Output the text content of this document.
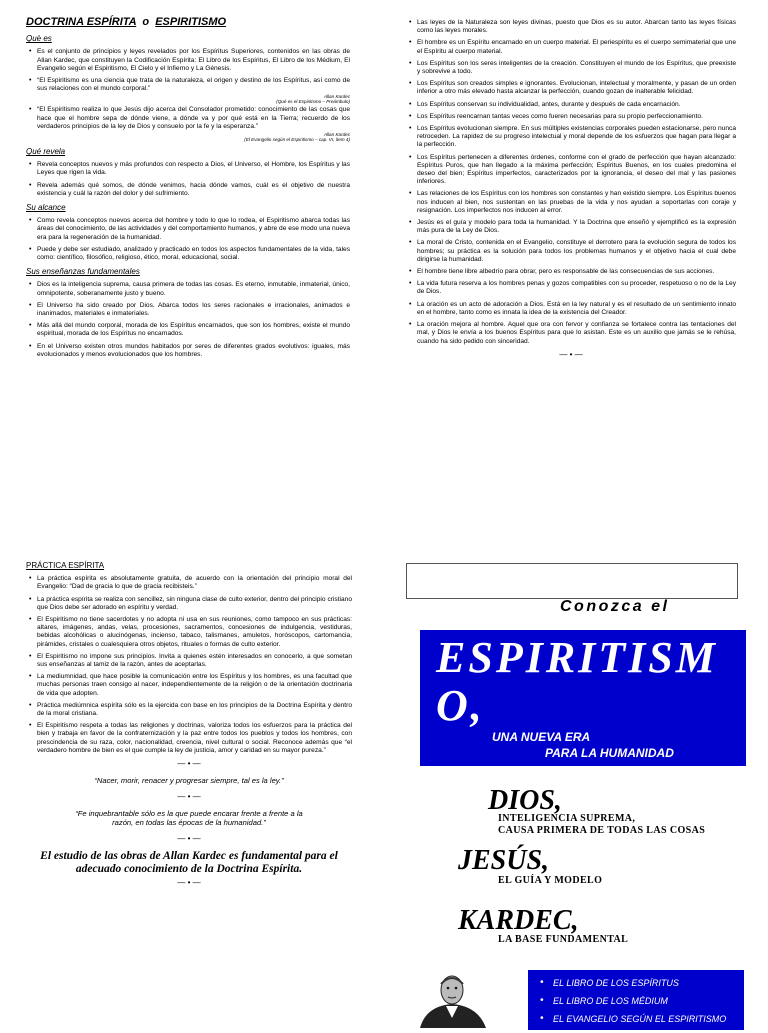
DOCTRINA ESPÍRITA o ESPIRITISMO
Què es
• Es el conjunto de principios y leyes revelados por los Espíritus Superiores, contenidos en las obras de Allan Kardec, que constituyen la Codificación Espírita: El Libro de los Espíritus, El Libro de los Médium, El Evangelio según el Espiritismo, El Cielo y el Infierno y La Génesis.
• “El Espiritismo es una ciencia que trata de la naturaleza, el origen y destino de los Espíritus, así como de sus relaciones con el mundo corporal.”
Allan Kardec
(Qué es el Espiritismo – Preámbulo)
• “El Espiritismo realiza lo que Jesús dijo acerca del Consolador prometido: conocimiento de las cosas que hace que el hombre sepa de dónde viene, a dónde va y por qué está en la Tierra; recuerdo de los verdaderos principios de la ley de Dios y consuelo por la fe y la esperanza.”
Allan Kardec
(El Evangelio según el Espiritismo – cap. VI, ítem 4)
Qué revela
• Revela conceptos nuevos y más profundos con respecto a Dios, el Universo, el Hombre, los Espíritus y las Leyes que rigen la vida.
• Revela además qué somos, de dónde venimos, hacia dónde vamos, cuál es el objetivo de nuestra existencia y cuál la razón del dolor y del sufrimiento.
Su alcance
• Como revela conceptos nuevos acerca del hombre y todo lo que lo rodea, el Espiritismo abarca todas las áreas del conocimiento, de las actividades y del comportamiento humanos, y abre de ese modo una nueva era para la regeneración de la humanidad.
• Puede y debe ser estudiado, analizado y practicado en todos los aspectos fundamentales de la vida, tales como: científico, filosófico, religioso, ético, moral, educacional, social.
Sus enseñanzas fundamentales
• Dios es la inteligencia suprema, causa primera de todas las cosas. Es eterno, inmutable, inmaterial, único, omnipotente, soberanamente justo y bueno.
• El Universo ha sido creado por Dios. Abarca todos los seres racionales e irracionales, animados e inanimados, materiales e inmateriales.
• Más allá del mundo corporal, morada de los Espíritus encarnados, que son los hombres, existe el mundo espiritual, morada de los Espíritus no encarnados.
• En el Universo existen otros mundos habitados por seres de diferentes grados evolutivos: iguales, más evolucionados y menos evolucionados que los hombres.
• Las leyes de la Naturaleza son leyes divinas, puesto que Dios es su autor. Abarcan tanto las leyes físicas como las leyes morales.
• El hombre es un Espíritu encarnado en un cuerpo material. El periespíritu es el cuerpo semimaterial que une el Espíritu al cuerpo material.
• Los Espíritus son los seres inteligentes de la creación. Constituyen el mundo de los Espíritus, que preexiste y sobrevive a todo.
• Los Espíritus son creados simples e ignorantes. Evolucionan, intelectual y moralmente, y pasan de un orden inferior a otro más elevado hasta alcanzar la perfección, cuando gozan de inalterable felicidad.
• Los Espíritus conservan su individualidad, antes, durante y después de cada encarnación.
• Los Espíritus reencarnan tantas veces como fueren necesarias para su propio perfeccionamiento.
• Los Espíritus evolucionan siempre. En sus múltiples existencias corporales pueden estacionarse, pero nunca retroceden. La rapidez de su progreso intelectual y moral depende de los esfuerzos que hagan para llegar a la perfección.
• Los Espíritus pertenecen a diferentes órdenes, conforme con el grado de perfección que hayan alcanzado: Espíritus Puros, que han llegado a la máxima perfección; Espíritus Buenos, en los cuales predomina el deseo del bien; Espíritus imperfectos, caracterizados por la ignorancia, el deseo del mal y las pasiones inferiores.
• Las relaciones de los Espíritus con los hombres son constantes y han existido siempre. Los Espíritus buenos nos inducen al bien, nos sustentan en las pruebas de la vida y nos ayudan a soportarlas con coraje y resignación. Los imperfectos nos inducen al error.
• Jesús es el guía y modelo para toda la humanidad. Y la Doctrina que enseñó y ejemplificó es la expresión más pura de la Ley de Dios.
• La moral de Cristo, contenida en el Evangelio, constituye el derrotero para la evolución segura de todos los hombres; su práctica es la solución para todos los problemas humanos y el objetivo hacia el cual debe dirigirse la humanidad.
• El hombre tiene libre albedrío para obrar, pero es responsable de las consecuencias de sus acciones.
• La vida futura reserva a los hombres penas y gozos compatibles con su proceder, respetuoso o no de la Ley de Dios.
• La oración es un acto de adoración a Dios. Está en la ley natural y es el resultado de un sentimiento innato en el hombre, tanto como es innata la idea de la existencia del Creador.
• La oración mejora al hombre. Aquel que ora con fervor y confianza se fortalece contra las tentaciones del mal, y Dios le envía a los buenos Espíritus para que lo asistan. Este es un auxilio que jamás se le rehúsa, cuando ha sido pedido con sinceridad.
— • —
PRÁCTICA ESPÍRITA
• La práctica espírita es absolutamente gratuita, de acuerdo con la orientación del principio moral del Evangelio: “Dad de gracia lo que de gracia recibisteis.”
• La práctica espírita se realiza con sencillez, sin ninguna clase de culto exterior, dentro del principio cristiano que Dios debe ser adorado en espíritu y verdad.
• El Espiritismo no tiene sacerdotes y no adopta ni usa en sus reuniones, como tampoco en sus prácticas: altares, imágenes, andas, velas, procesiones, sacramentos, concesiones de indulgencia, vestiduras, bebidas alcohólicas o alucinógenas, incienso, tabaco, talismanes, amuletos, horóscopos, cartomancia, pirámides, cristales o cualesquiera otros objetos, rituales o formas de culto exterior.
• El Espiritismo no impone sus principios. Invita a quienes estén interesados en conocerlo, a que sometan sus enseñanzas al tamiz de la razón, antes de aceptarlas.
• La mediumnidad, que hace posible la comunicación entre los Espíritus y los hombres, es una facultad que muchas personas traen consigo al nacer, independientemente de la religión o de la orientación doctrinaria de vida que adopten.
• Práctica mediúmnica espírita sólo es la ejercida con base en los principios de la Doctrina Espírita y dentro de la moral cristiana.
• El Espiritismo respeta a todas las religiones y doctrinas, valoriza todos los esfuerzos para la práctica del bien y trabaja en favor de la confraternización y la paz entre todos los pueblos y todos los hombres, con prescindencia de su raza, color, nacionalidad, creencia, nivel cultural o social. Reconoce además que “el verdadero hombre de bien es el que cumple la ley de justicia, amor y caridad en su mayor pureza.”
— • —
“Nacer, morir, renacer y progresar siempre, tal es la ley.”
— • —
“Fe inquebrantable sólo es la que puede encarar frente a frente a la razón, en todas las épocas de la humanidad.”
— • —
El estudio de las obras de Allan Kardec es fundamental para el adecuado conocimiento de la Doctrina Espírita.
— • —
Conozca el
ESPIRITISM
O,
UNA NUEVA ERA
PARA LA HUMANIDAD
DIOS,
INTELIGENCIA SUPREMA,
CAUSA PRIMERA DE TODAS LAS COSAS
JESÚS,
EL GUÍA Y MODELO
KARDEC,
LA BASE FUNDAMENTAL
• EL LIBRO DE LOS ESPÍRITUS
• EL LIBRO DE LOS MÉDIUM
• EL EVANGELIO SEGÚN EL ESPIRITISMO
